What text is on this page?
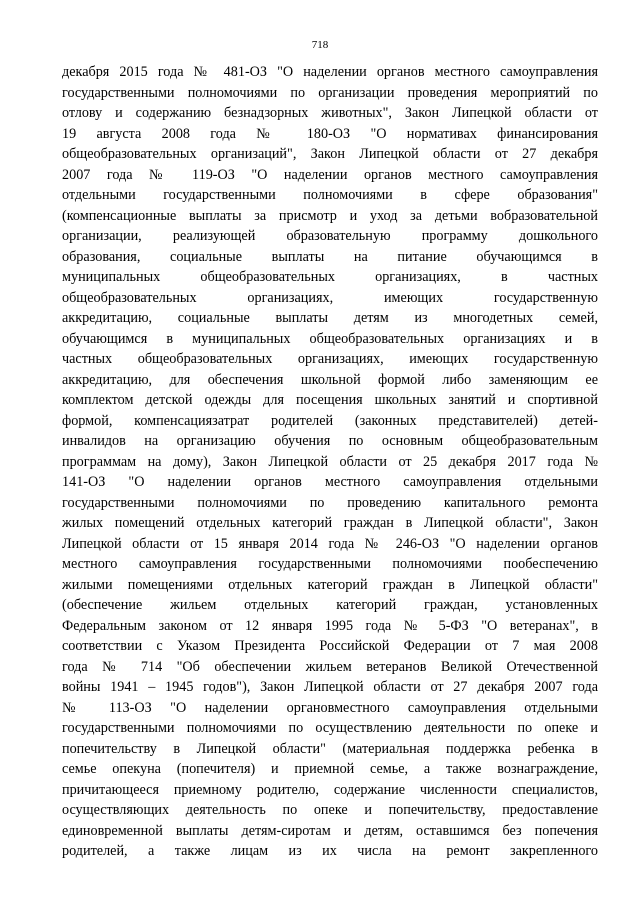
718
декабря 2015 года № 481-ОЗ "О наделении органов местного самоуправления
государственными полномочиями по организации проведения мероприятий по
отлову и содержанию безнадзорных животных", Закон Липецкой области от
19 августа 2008 года № 180-ОЗ "О нормативах финансирования
общеобразовательных организаций", Закон Липецкой области от 27 декабря
2007 года № 119-ОЗ "О наделении органов местного самоуправления
отдельными государственными полномочиями в сфере образования"
(компенсационные выплаты за присмотр и уход за детьми вобразовательной
организации, реализующей образовательную программу дошкольного
образования, социальные выплаты на питание обучающимся в
муниципальных общеобразовательных организациях, в частных
общеобразовательных организациях, имеющих государственную
аккредитацию, социальные выплаты детям из многодетных семей,
обучающимся в муниципальных общеобразовательных организациях и в
частных общеобразовательных организациях, имеющих государственную
аккредитацию, для обеспечения школьной формой либо заменяющим ее
комплектом детской одежды для посещения школьных занятий и спортивной
формой, компенсациязатрат родителей (законных представителей) детей-
инвалидов на организацию обучения по основным общеобразовательным
программам на дому), Закон Липецкой области от 25 декабря 2017 года №
141-ОЗ "О наделении органов местного самоуправления отдельными
государственными полномочиями по проведению капитального ремонта
жилых помещений отдельных категорий граждан в Липецкой области", Закон
Липецкой области от 15 января 2014 года № 246-ОЗ "О наделении органов
местного самоуправления государственными полномочиями пообеспечению
жилыми помещениями отдельных категорий граждан в Липецкой области"
(обеспечение жильем отдельных категорий граждан, установленных
Федеральным законом от 12 января 1995 года № 5-ФЗ "О ветеранах", в
соответствии с Указом Президента Российской Федерации от 7 мая 2008
года № 714 "Об обеспечении жильем ветеранов Великой Отечественной
войны 1941 – 1945 годов"), Закон Липецкой области от 27 декабря 2007 года
№ 113-ОЗ "О наделении органовместного самоуправления отдельными
государственными полномочиями по осуществлению деятельности по опеке и
попечительству в Липецкой области" (материальная поддержка ребенка в
семье опекуна (попечителя) и приемной семье, а также вознаграждение,
причитающееся приемному родителю, содержание численности специалистов,
осуществляющих деятельность по опеке и попечительству, предоставление
единовременной выплаты детям-сиротам и детям, оставшимся без попечения
родителей, а также лицам из их числа на ремонт закрепленного
